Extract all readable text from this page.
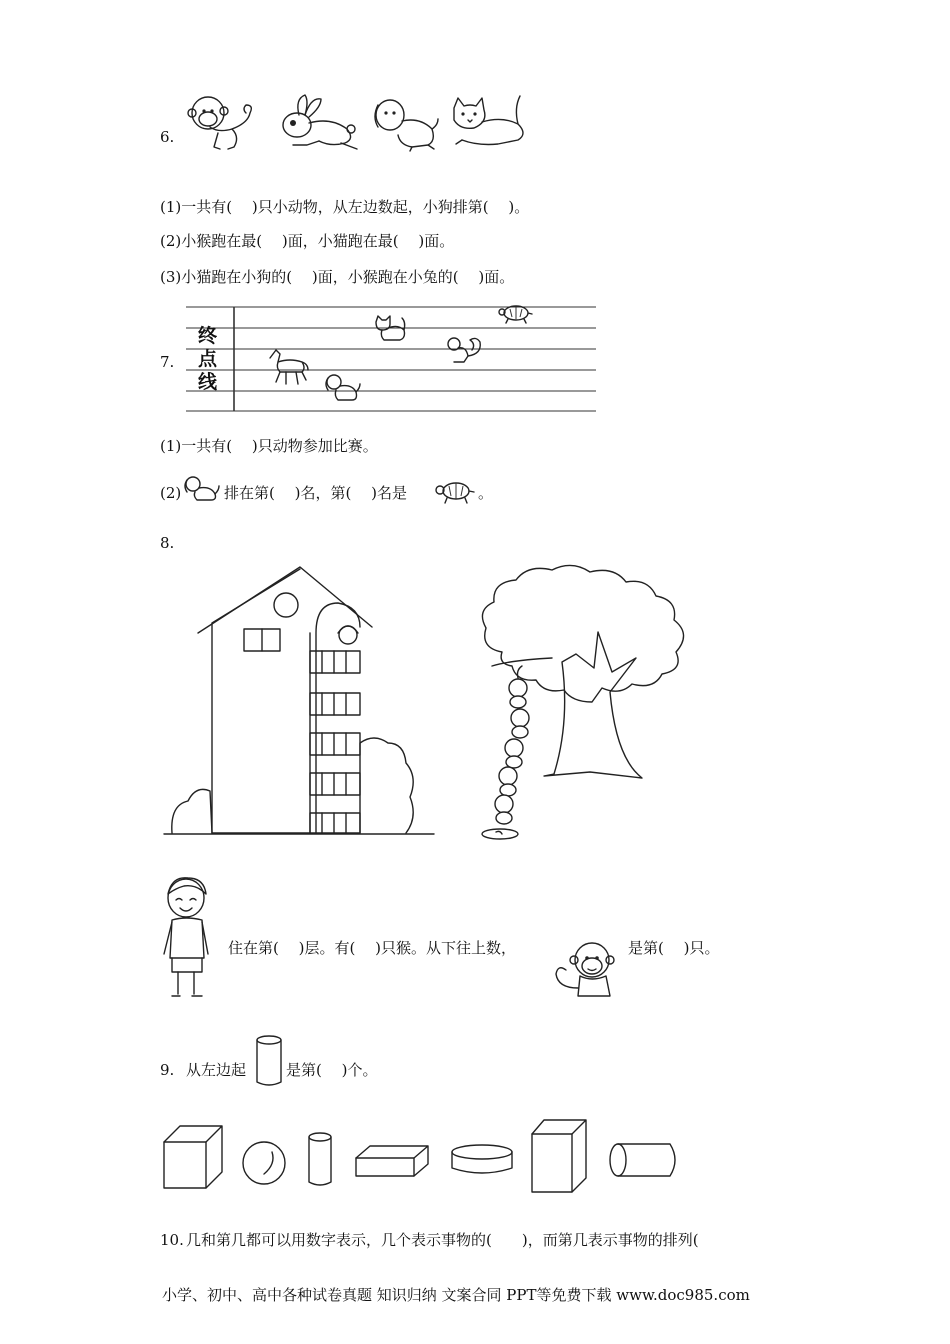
6.
(1)一共有(　 )只小动物，从左边数起，小狗排第(　 )。
(2)小猴跑在最(　 )面，小猫跑在最(　 )面。
(3)小猫跑在小狗的(　 )面，小猴跑在小兔的(　 )面。
7.
终
点
线
(1)一共有(　 )只动物参加比赛。
(2)	排在第(　 )名，第(　 )名是	。
8.
住在第(　 )层。有(　 )只猴。从下往上数，	是第(　 )只。
9. 从左边起	是第(　 )个。
10. 几和第几都可以用数字表示，几个表示事物的(　　)，而第几表示事物的排列(
小学、初中、高中各种试卷真题 知识归纳 文案合同 PPT等免费下载 www.doc985.com
